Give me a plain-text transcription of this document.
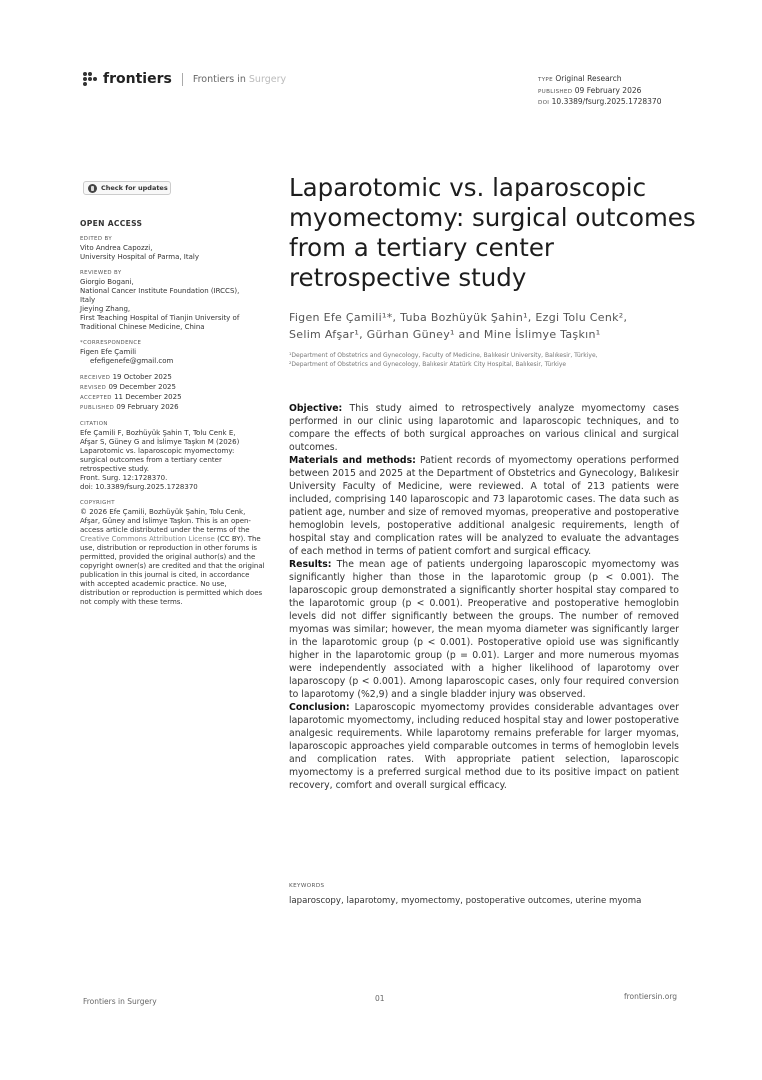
frontiers Frontiers in Surgery	TYPE Original Research
PUBLISHED 09 February 2026
DOI 10.3389/fsurg.2025.1728370
Check for updates
OPEN ACCESS
EDITED BY
Vito Andrea Capozzi,
University Hospital of Parma, Italy
REVIEWED BY
Giorgio Bogani,
National Cancer Institute Foundation (IRCCS),
Italy
Jieying Zhang,
First Teaching Hospital of Tianjin University of
Traditional Chinese Medicine, China
*CORRESPONDENCE
Figen Efe Çamili
efefigenefe@gmail.com
RECEIVED 19 October 2025
REVISED 09 December 2025
ACCEPTED 11 December 2025
PUBLISHED 09 February 2026
CITATION
Efe Çamili F, Bozhüyük Şahin T, Tolu Cenk E,
Afşar S, Güney G and İslimye Taşkın M (2026)
Laparotomic vs. laparoscopic myomectomy:
surgical outcomes from a tertiary center
retrospective study.
Front. Surg. 12:1728370.
doi: 10.3389/fsurg.2025.1728370
COPYRIGHT
© 2026 Efe Çamili, Bozhüyük Şahin, Tolu Cenk, Afşar, Güney and İslimye Taşkın. This is an open-access article distributed under the terms of the Creative Commons Attribution License (CC BY). The use, distribution or reproduction in other forums is permitted, provided the original author(s) and the copyright owner(s) are credited and that the original publication in this journal is cited, in accordance with accepted academic practice. No use, distribution or reproduction is permitted which does not comply with these terms.
Laparotomic vs. laparoscopic myomectomy: surgical outcomes from a tertiary center retrospective study
Figen Efe Çamili¹*, Tuba Bozhüyük Şahin¹, Ezgi Tolu Cenk²,
Selim Afşar¹, Gürhan Güney¹ and Mine İslimye Taşkın¹
¹Department of Obstetrics and Gynecology, Faculty of Medicine, Balıkesir University, Balıkesir, Türkiye,
²Department of Obstetrics and Gynecology, Balıkesir Atatürk City Hospital, Balıkesir, Türkiye

Objective: This study aimed to retrospectively analyze myomectomy cases performed in our clinic using laparotomic and laparoscopic techniques, and to compare the effects of both surgical approaches on various clinical and surgical outcomes.

Materials and methods: Patient records of myomectomy operations performed between 2015 and 2025 at the Department of Obstetrics and Gynecology, Balıkesir University Faculty of Medicine, were reviewed. A total of 213 patients were included, comprising 140 laparoscopic and 73 laparotomic cases. The data such as patient age, number and size of removed myomas, preoperative and postoperative hemoglobin levels, postoperative additional analgesic requirements, length of hospital stay and complication rates will be analyzed to evaluate the advantages of each method in terms of patient comfort and surgical efficacy.

Results: The mean age of patients undergoing laparoscopic myomectomy was significantly higher than those in the laparotomic group (p < 0.001). The laparoscopic group demonstrated a significantly shorter hospital stay compared to the laparotomic group (p < 0.001). Preoperative and postoperative hemoglobin levels did not differ significantly between the groups. The number of removed myomas was similar; however, the mean myoma diameter was significantly larger in the laparotomic group (p < 0.001). Postoperative opioid use was significantly higher in the laparotomic group (p = 0.01). Larger and more numerous myomas were independently associated with a higher likelihood of laparotomy over laparoscopy (p < 0.001). Among laparoscopic cases, only four required conversion to laparotomy (%2,9) and a single bladder injury was observed.

Conclusion: Laparoscopic myomectomy provides considerable advantages over laparotomic myomectomy, including reduced hospital stay and lower postoperative analgesic requirements. While laparotomy remains preferable for larger myomas, laparoscopic approaches yield comparable outcomes in terms of hemoglobin levels and complication rates. With appropriate patient selection, laparoscopic myomectomy is a preferred surgical method due to its positive impact on patient recovery, comfort and overall surgical efficacy.

KEYWORDS
laparoscopy, laparotomy, myomectomy, postoperative outcomes, uterine myoma
Frontiers in Surgery	01	frontiersin.org
